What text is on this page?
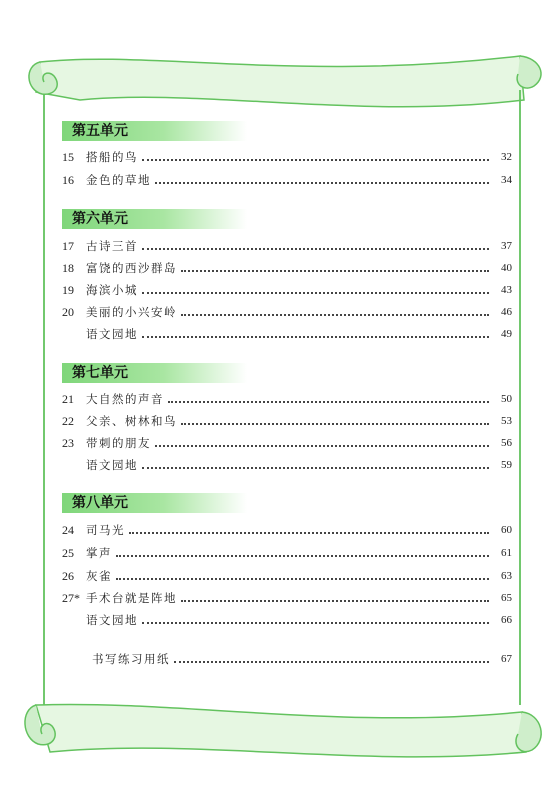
第五单元
15	搭船的鸟	32
16	金色的草地	34
第六单元
17	古诗三首	37
18	富饶的西沙群岛	40
19	海滨小城	43
20	美丽的小兴安岭	46
语文园地	49
第七单元
21	大自然的声音	50
22	父亲、树林和鸟	53
23	带刺的朋友	56
语文园地	59
第八单元
24	司马光	60
25	掌声	61
26	灰雀	63
27* 手术台就是阵地	65
语文园地	66
书写练习用纸	67
